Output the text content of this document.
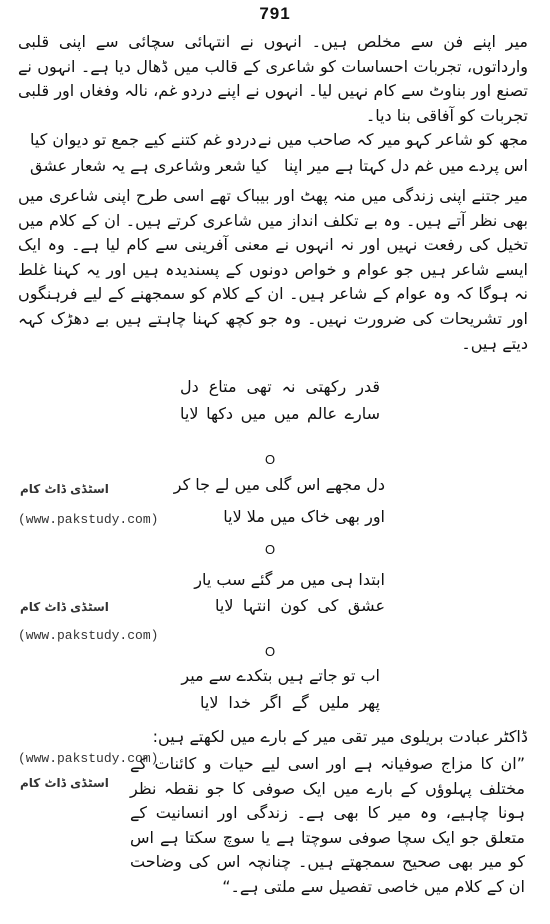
791

میر اپنے فن سے مخلص ہیں۔ انہوں نے انتہائی سچائی سے اپنی قلبی وارداتوں، تجربات احساسات کو شاعری کے قالب میں ڈھال دیا ہے۔ انہوں نے تصنع اور بناوٹ سے کام نہیں لیا۔ انہوں نے اپنے دردو غم، نالہ وفغاں اور قلبی تجربات کو آفاقی بنا دیا۔

مجھ کو شاعر کہو میر کہ صاحب میں نے
دردو غم کتنے کیے جمع تو دیوان کیا
اس پردے میں غم دل کہتا ہے میر اپنا
کیا شعر وشاعری ہے یہ شعار عشق

میر جتنے اپنی زندگی میں منہ پھٹ اور بیباک تھے اسی طرح اپنی شاعری میں بھی نظر آتے ہیں۔ وہ بے تکلف انداز میں شاعری کرتے ہیں۔ ان کے کلام میں تخیل کی رفعت نہیں اور نہ انہوں نے معنی آفرینی سے کام لیا ہے۔ وہ ایک ایسے شاعر ہیں جو عوام و خواص دونوں کے پسندیدہ ہیں اور یہ کہنا غلط نہ ہوگا کہ وہ عوام کے شاعر ہیں۔ ان کے کلام کو سمجھنے کے لیے فرہنگوں اور تشریحات کی ضرورت نہیں۔ وہ جو کچھ کہنا چاہتے ہیں بے دھڑک کہہ دیتے ہیں۔

قدر رکھتی نہ تھی متاع دل
سارے عالم میں میں دکھا لایا
O
دل مجھے اس گلی میں لے جا کر
اور بھی خاک میں ملا لایا
اسٹڈی ڈاٹ کام
(www.pakstudy.com)
O
ابتدا ہی میں مر گئے سب یار
عشق کی کون انتہا لایا
اسٹڈی ڈاٹ کام
(www.pakstudy.com)
O
اب تو جاتے ہیں بتکدے سے میر
پھر ملیں گے اگر خدا لایا

ڈاکٹر عبادت بریلوی میر تقی میر کے بارے میں لکھتے ہیں:

(www.pakstudy.com)
اسٹڈی ڈاٹ کام

”ان کا مزاج صوفیانہ ہے اور اسی لیے حیات و کائنات کے مختلف پہلوؤں کے بارے میں ایک صوفی کا جو نقطہ نظر ہونا چاہیے، وہ میر کا بھی ہے۔ زندگی اور انسانیت کے متعلق جو ایک سچا صوفی سوچتا ہے یا سوچ سکتا ہے اس کو میر بھی صحیح سمجھتے ہیں۔ چنانچہ اس کی وضاحت ان کے کلام میں خاصی تفصیل سے ملتی ہے۔“
